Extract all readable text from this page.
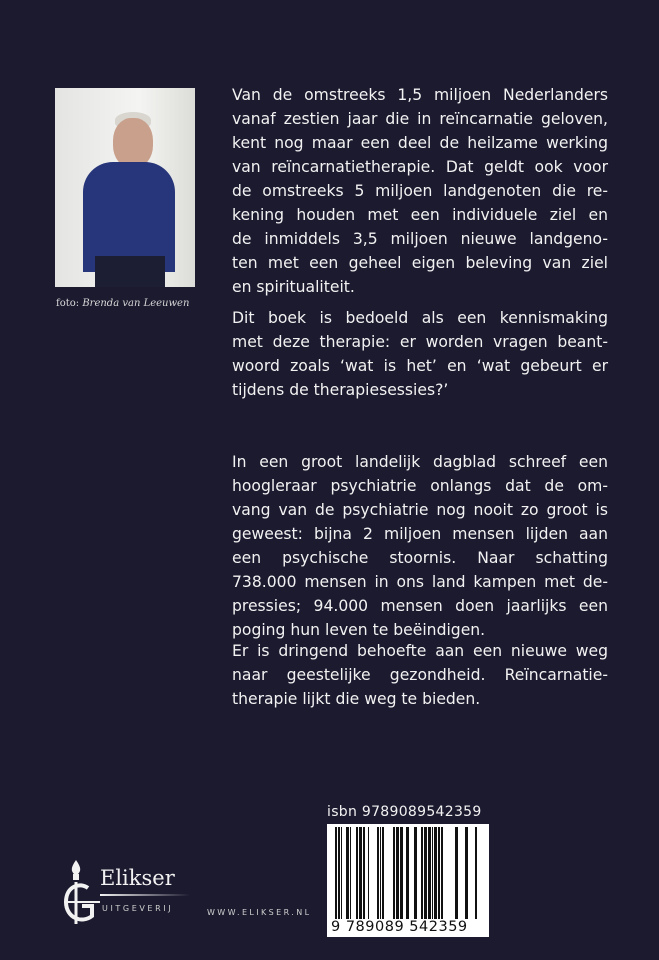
foto: Brenda van Leeuwen
Van de omstreeks 1,5 miljoen Nederlanders
vanaf zestien jaar die in reïncarnatie geloven,
kent nog maar een deel de heilzame werking
van reïncarnatietherapie. Dat geldt ook voor
de omstreeks 5 miljoen landgenoten die re-
kening houden met een individuele ziel en
de inmiddels 3,5 miljoen nieuwe landgeno-
ten met een geheel eigen beleving van ziel
en spiritualiteit.
Dit boek is bedoeld als een kennismaking
met deze therapie: er worden vragen beant-
woord zoals ‘wat is het’ en ‘wat gebeurt er
tijdens de therapiesessies?’
In een groot landelijk dagblad schreef een
hoogleraar psychiatrie onlangs dat de om-
vang van de psychiatrie nog nooit zo groot is
geweest: bijna 2 miljoen mensen lijden aan
een psychische stoornis. Naar schatting
738.000 mensen in ons land kampen met de-
pressies; 94.000 mensen doen jaarlijks een
poging hun leven te beëindigen.
Er is dringend behoefte aan een nieuwe weg
naar geestelijke gezondheid. Reïncarnatie-
therapie lijkt die weg te bieden.
isbn 9789089542359
9 789089 542359
Elikser
UITGEVERIJ	WWW.ELIKSER.NL
